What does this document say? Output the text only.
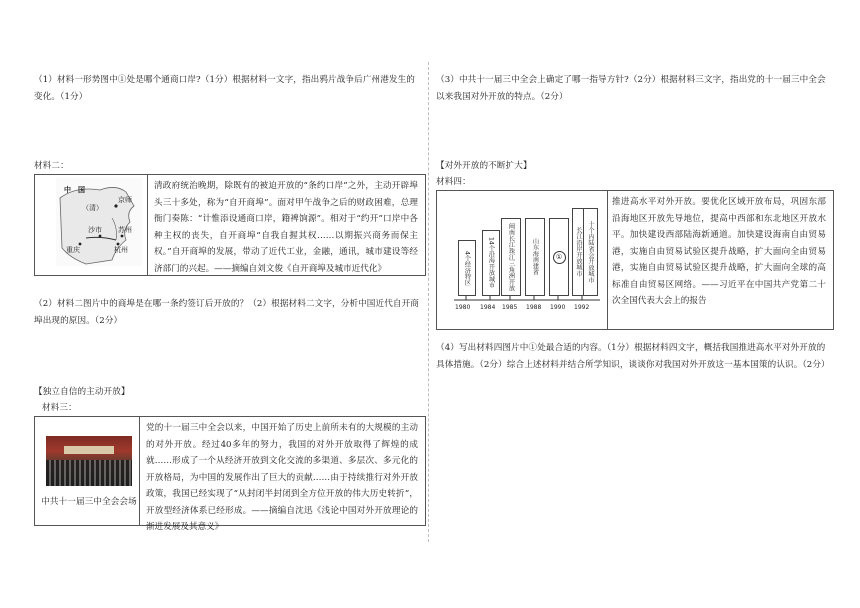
（1）材料一形势图中①处是哪个通商口岸?（1分）根据材料一文字，指出鸦片战争后广州港发生的变化。（1分）
材料二：
中　国
（清）
京师
沙市 苏州
重庆	杭州
清政府统治晚期，除既有的被迫开放的“条约口岸”之外，主动开辟埠头三十多处，称为“自开商埠”。面对甲午战争之后的财政困难，总理衙门奏陈：“计惟添设通商口岸，籍裨饷源”。相对于“约开”口岸中各种主权的丧失，自开商埠“自我自握其权……以期振兴商务而保主权。”自开商埠的发展，带动了近代工业，金融，通讯，城市建设等经济部门的兴起。——摘编自刘文俊《自开商埠及城市近代化》
（2）材料二图片中的商埠是在哪一条约签订后开放的？（2）根据材料二文字，分析中国近代自开商埠出现的原因。（2分）
【独立自信的主动开放】
材料三：
中共十一届三中全会会场
党的十一届三中全会以来，中国开始了历史上前所未有的大规模的主动的对外开放。经过40多年的努力，我国的对外开放取得了辉煌的成就……形成了一个从经济开放到文化交流的多渠道、多层次、多元化的开放格局，为中国的发展作出了巨大的贡献……由于持续推行对外开放政策，我国已经实现了“从封闭半封闭到全方位开放的伟大历史转折”，开放型经济体系已经形成。——摘编自沈迅《浅论中国对外开放理论的渐进发展及其意义》
（3）中共十一届三中全会上确定了哪一指导方针?（2分）根据材料三文字，指出党的十一届三中全会以来我国对外开放的特点。（2分）
【对外开放的不断扩大】
材料四：
4个经济特区	14个沿海开放城市	闽南长江珠江三角洲开放	山东海南建省	①	长江沿岸开放城市 十个内陆省会开放城市
1980 1984 1985 1988 1990 1992
推进高水平对外开放。要优化区域开放布局，巩固东部沿海地区开放先导地位，提高中西部和东北地区开放水平。加快建设西部陆海新通道。加快建设海南自由贸易港，实施自由贸易试验区提升战略，扩大面向全由贸易港，实施自由贸易试验区提升战略，扩大面向全球的高标准自由贸易区网络。——习近平在中国共产党第二十次全国代表大会上的报告
（4）写出材料四图片中①处最合适的内容。（1分）根据材料四文字，概括我国推进高水平对外开放的具体措施。（2分）综合上述材料并结合所学知识，谈谈你对我国对外开放这一基本国策的认识。（2分）
